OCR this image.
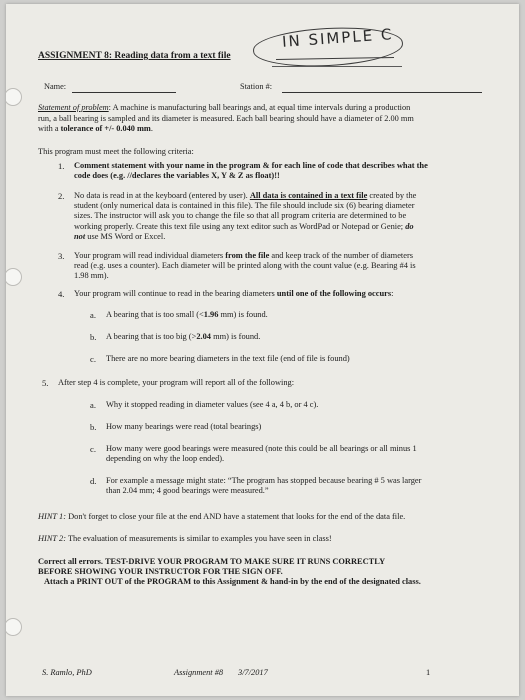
ASSIGNMENT 8: Reading data from a text file
IN SIMPLE C
Name:	Station #:
Statement of problem: A machine is manufacturing ball bearings and, at equal time intervals during a production
run, a ball bearing is sampled and its diameter is measured. Each ball bearing should have a diameter of 2.00 mm
with a tolerance of +/- 0.040 mm.
This program must meet the following criteria:
1. Comment statement with your name in the program & for each line of code that describes what the
code does (e.g. //declares the variables X, Y & Z as float)!!
2. No data is read in at the keyboard (entered by user). All data is contained in a text file created by the
student (only numerical data is contained in this file). The file should include six (6) bearing diameter
sizes. The instructor will ask you to change the file so that all program criteria are determined to be
working properly. Create this text file using any text editor such as WordPad or Notepad or Genie; do
not use MS Word or Excel.
3. Your program will read individual diameters from the file and keep track of the number of diameters
read (e.g. uses a counter). Each diameter will be printed along with the count value (e.g. Bearing #4 is
1.98 mm).
4. Your program will continue to read in the bearing diameters until one of the following occurs:
a. A bearing that is too small (<1.96 mm) is found.
b. A bearing that is too big (>2.04 mm) is found.
c. There are no more bearing diameters in the text file (end of file is found)
5. After step 4 is complete, your program will report all of the following:
a. Why it stopped reading in diameter values (see 4 a, 4 b, or 4 c).
b. How many bearings were read (total bearings)
c. How many were good bearings were measured (note this could be all bearings or all minus 1
depending on why the loop ended).
d. For example a message might state: “The program has stopped because bearing # 5 was larger
than 2.04 mm; 4 good bearings were measured.”
HINT 1: Don't forget to close your file at the end AND have a statement that looks for the end of the data file.
HINT 2: The evaluation of measurements is similar to examples you have seen in class!
Correct all errors. TEST-DRIVE YOUR PROGRAM TO MAKE SURE IT RUNS CORRECTLY
BEFORE SHOWING YOUR INSTRUCTOR FOR THE SIGN OFF.
Attach a PRINT OUT of the PROGRAM to this Assignment & hand-in by the end of the designated class.
S. Ramlo, PhD	Assignment #8 3/7/2017	1
